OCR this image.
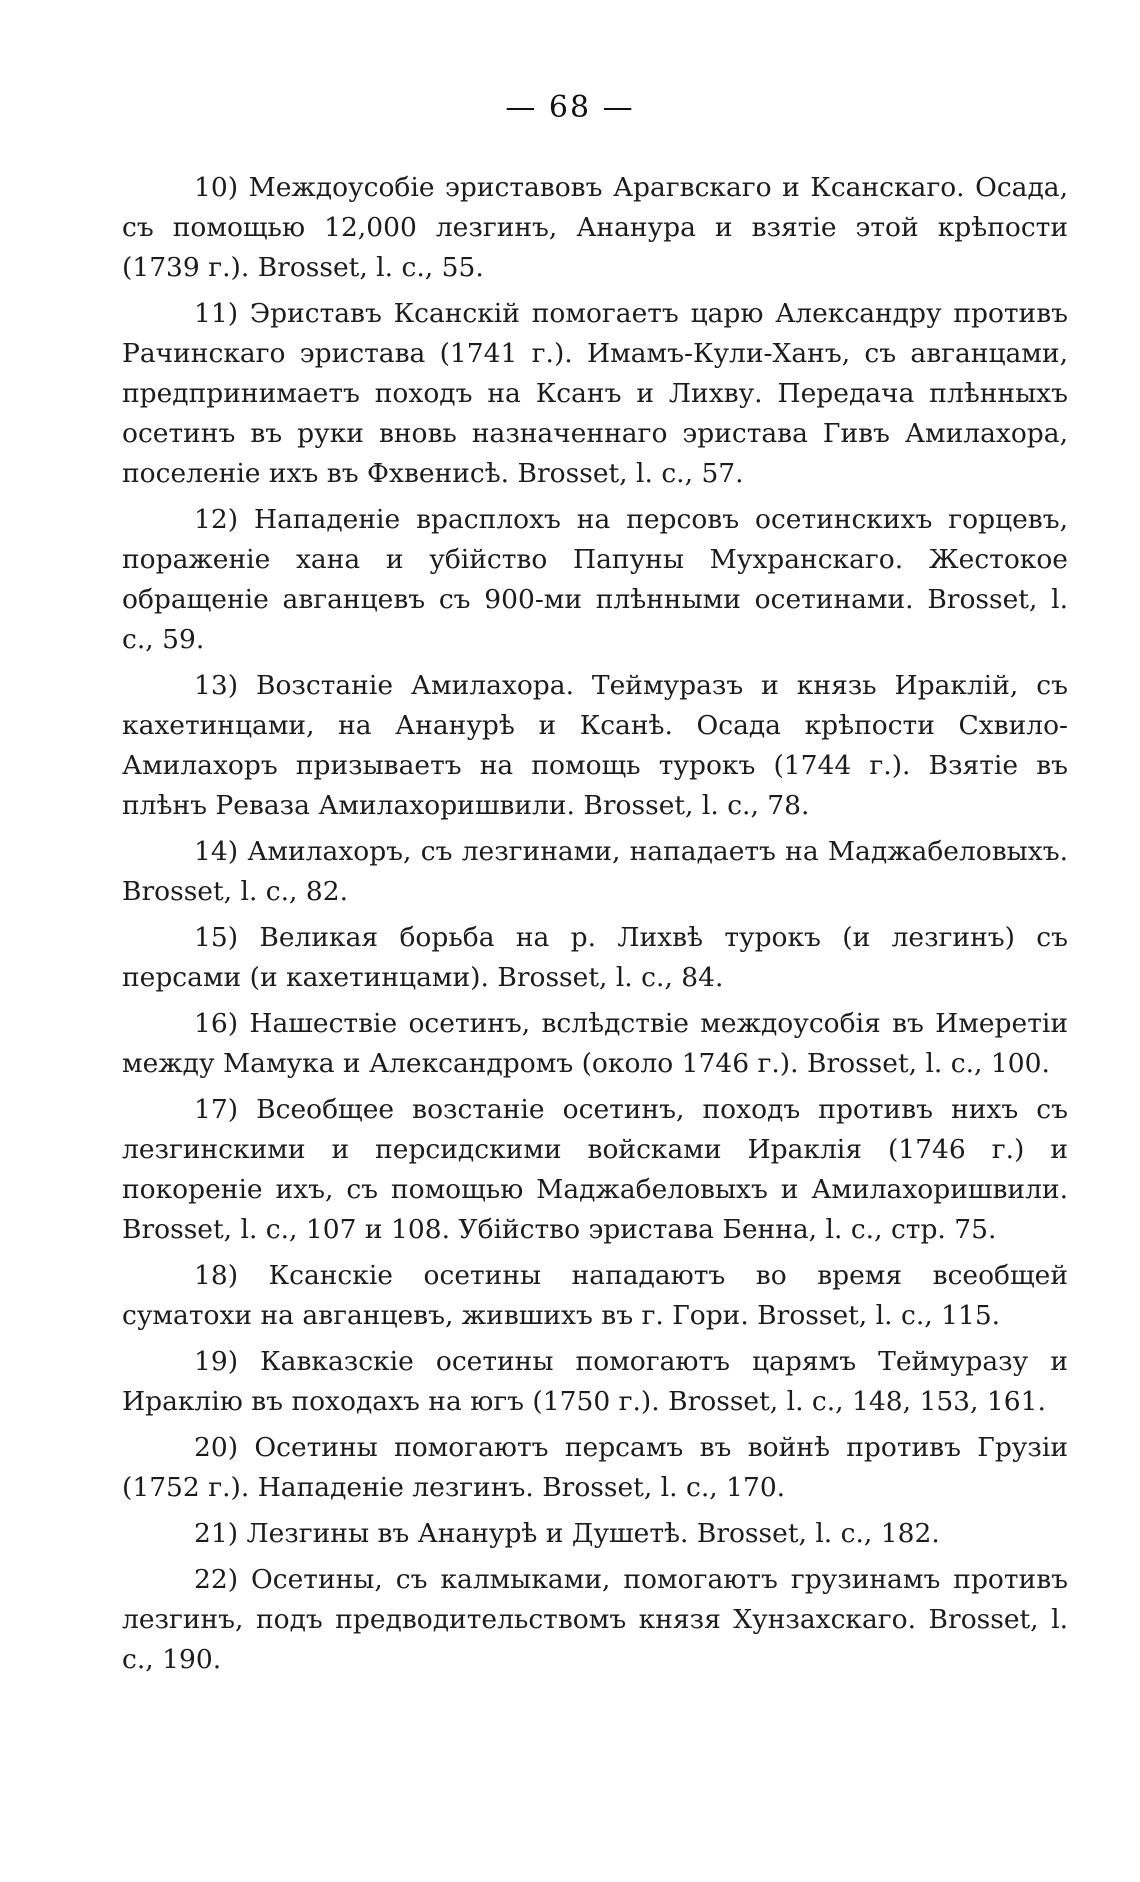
— 68 —

10) Междоусобіе эриставовъ Арагвскаго и Ксанскаго. Осада, съ помощью 12,000 лезгинъ, Ананура и взятіе этой крѣпости (1739 г.). Brosset, l. c., 55.

11) Эриставъ Ксанскій помогаетъ царю Александру противъ Рачинскаго эристава (1741 г.). Имамъ-Кули-Ханъ, съ авганцами, предпринимаетъ походъ на Ксанъ и Лихву. Передача плѣнныхъ осетинъ въ руки вновь назначеннаго эристава Гивъ Амилахора, поселеніе ихъ въ Фхвенисѣ. Brosset, l. c., 57.

12) Нападеніе врасплохъ на персовъ осетинскихъ горцевъ, пораженіе хана и убійство Папуны Мухранскаго. Жестокое обращеніе авганцевъ съ 900-ми плѣнными осетинами. Brosset, l. c., 59.

13) Возстаніе Амилахора. Теймуразъ и князь Ираклій, съ кахетинцами, на Ананурѣ и Ксанѣ. Осада крѣпости Схвило-Амилахоръ призываетъ на помощь турокъ (1744 г.). Взятіе въ плѣнъ Реваза Амилахоришвили. Brosset, l. c., 78.

14) Амилахоръ, съ лезгинами, нападаетъ на Маджабеловыхъ. Brosset, l. c., 82.

15) Великая борьба на р. Лихвѣ турокъ (и лезгинъ) съ персами (и кахетинцами). Brosset, l. c., 84.

16) Нашествіе осетинъ, вслѣдствіе междоусобія въ Имеретіи между Мамука и Александромъ (около 1746 г.). Brosset, l. c., 100.

17) Всеобщее возстаніе осетинъ, походъ противъ нихъ съ лезгинскими и персидскими войсками Ираклія (1746 г.) и покореніе ихъ, съ помощью Маджабеловыхъ и Амилахоришвили. Brosset, l. c., 107 и 108. Убійство эристава Бенна, l. c., стр. 75.

18) Ксанскіе осетины нападаютъ во время всеобщей суматохи на авганцевъ, жившихъ въ г. Гори. Brosset, l. c., 115.

19) Кавказскіе осетины помогаютъ царямъ Теймуразу и Ираклію въ походахъ на югъ (1750 г.). Brosset, l. c., 148, 153, 161.

20) Осетины помогаютъ персамъ въ войнѣ противъ Грузіи (1752 г.). Нападеніе лезгинъ. Brosset, l. c., 170.

21) Лезгины въ Ананурѣ и Душетѣ. Brosset, l. c., 182.

22) Осетины, съ калмыками, помогаютъ грузинамъ противъ лезгинъ, подъ предводительствомъ князя Хунзахскаго. Brosset, l. c., 190.
